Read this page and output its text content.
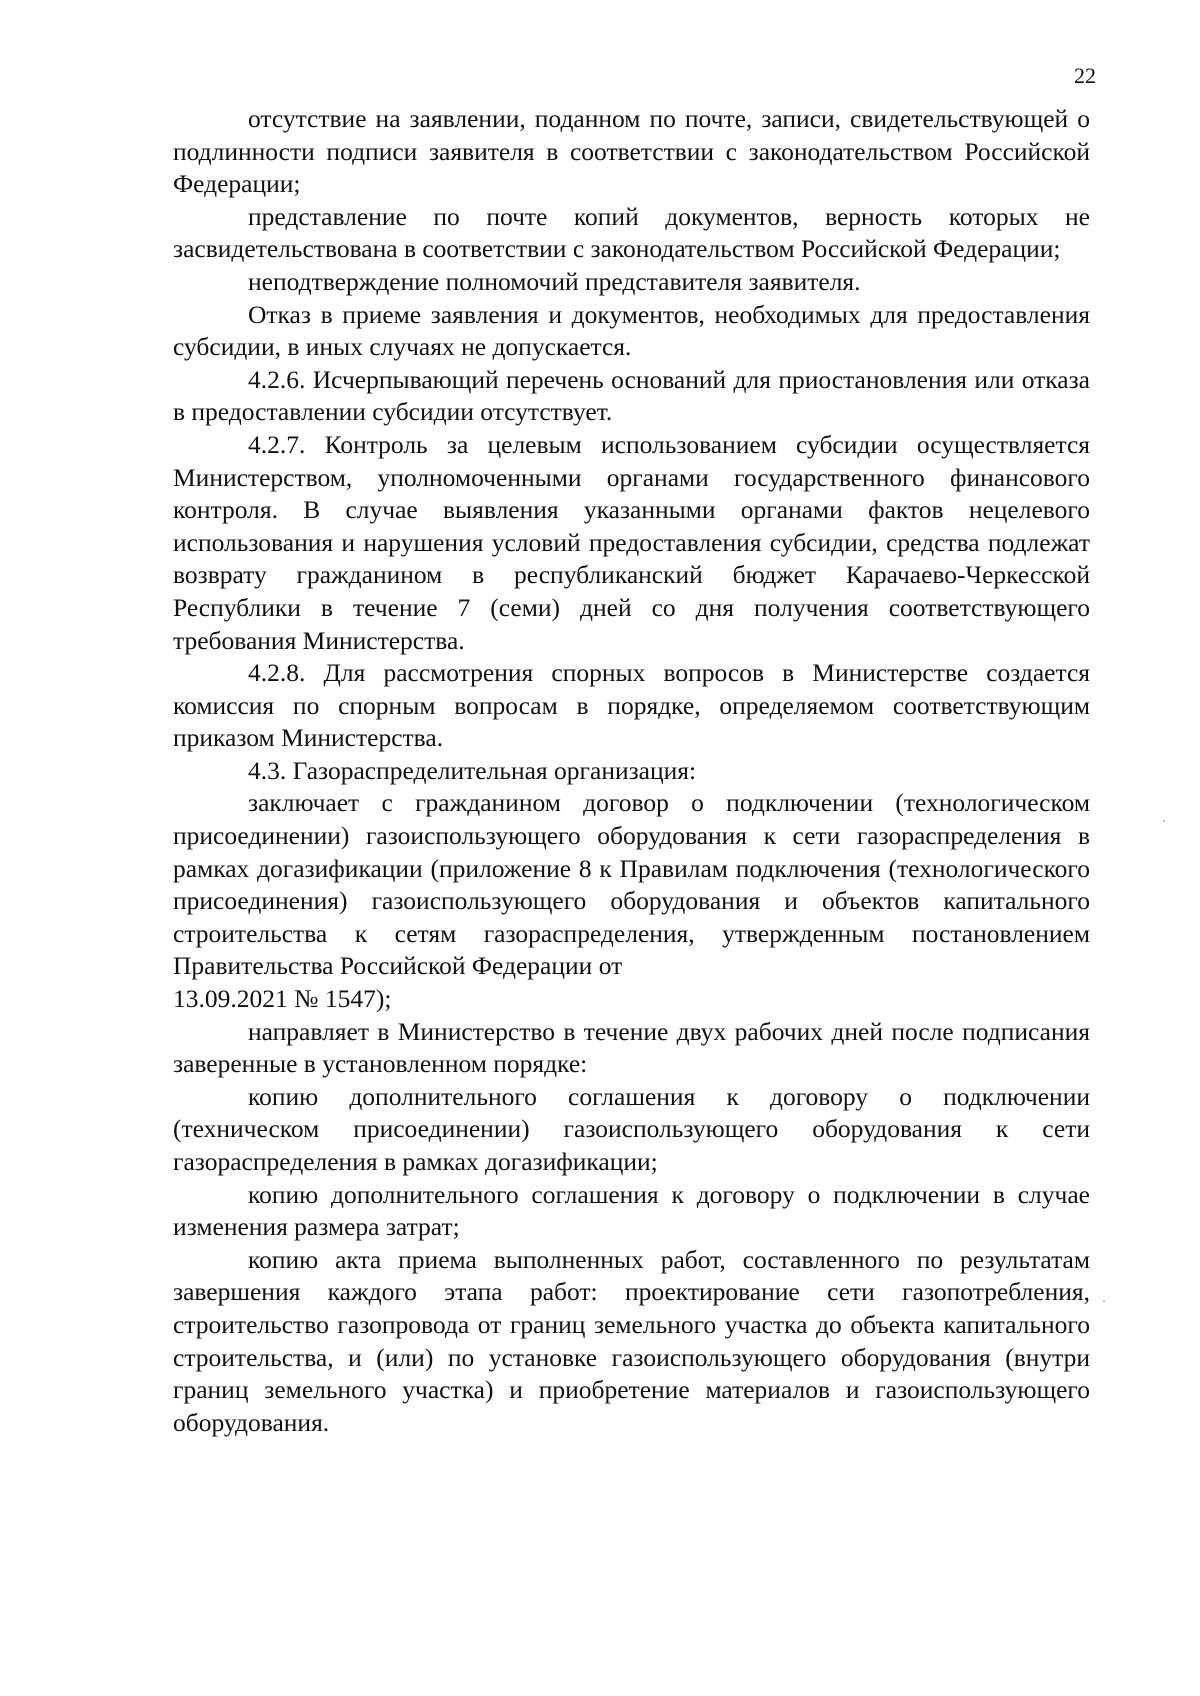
22

отсутствие на заявлении, поданном по почте, записи, свидетельствующей о подлинности подписи заявителя в соответствии с законодательством Российской Федерации;

представление по почте копий документов, верность которых не засвидетельствована в соответствии с законодательством Российской Федерации;

неподтверждение полномочий представителя заявителя.

Отказ в приеме заявления и документов, необходимых для предоставления субсидии, в иных случаях не допускается.

4.2.6. Исчерпывающий перечень оснований для приостановления или отказа в предоставлении субсидии отсутствует.

4.2.7. Контроль за целевым использованием субсидии осуществляется Министерством, уполномоченными органами государственного финансового контроля. В случае выявления указанными органами фактов нецелевого использования и нарушения условий предоставления субсидии, средства подлежат возврату гражданином в республиканский бюджет Карачаево-Черкесской Республики в течение 7 (семи) дней со дня получения соответствующего требования Министерства.

4.2.8. Для рассмотрения спорных вопросов в Министерстве создается комиссия по спорным вопросам в порядке, определяемом соответствующим приказом Министерства.

4.3. Газораспределительная организация:

заключает с гражданином договор о подключении (технологическом присоединении) газоиспользующего оборудования к сети газораспределения в рамках догазификации (приложение 8 к Правилам подключения (технологического присоединения) газоиспользующего оборудования и объектов капитального строительства к сетям газораспределения, утвержденным постановлением Правительства Российской Федерации от

13.09.2021 № 1547);

направляет в Министерство в течение двух рабочих дней после подписания заверенные в установленном порядке:

копию дополнительного соглашения к договору о подключении (техническом присоединении) газоиспользующего оборудования к сети газораспределения в рамках догазификации;

копию дополнительного соглашения к договору о подключении в случае изменения размера затрат;

копию акта приема выполненных работ, составленного по результатам завершения каждого этапа работ: проектирование сети газопотребления, строительство газопровода от границ земельного участка до объекта капитального строительства, и (или) по установке газоиспользующего оборудования (внутри границ земельного участка) и приобретение материалов и газоиспользующего оборудования.
